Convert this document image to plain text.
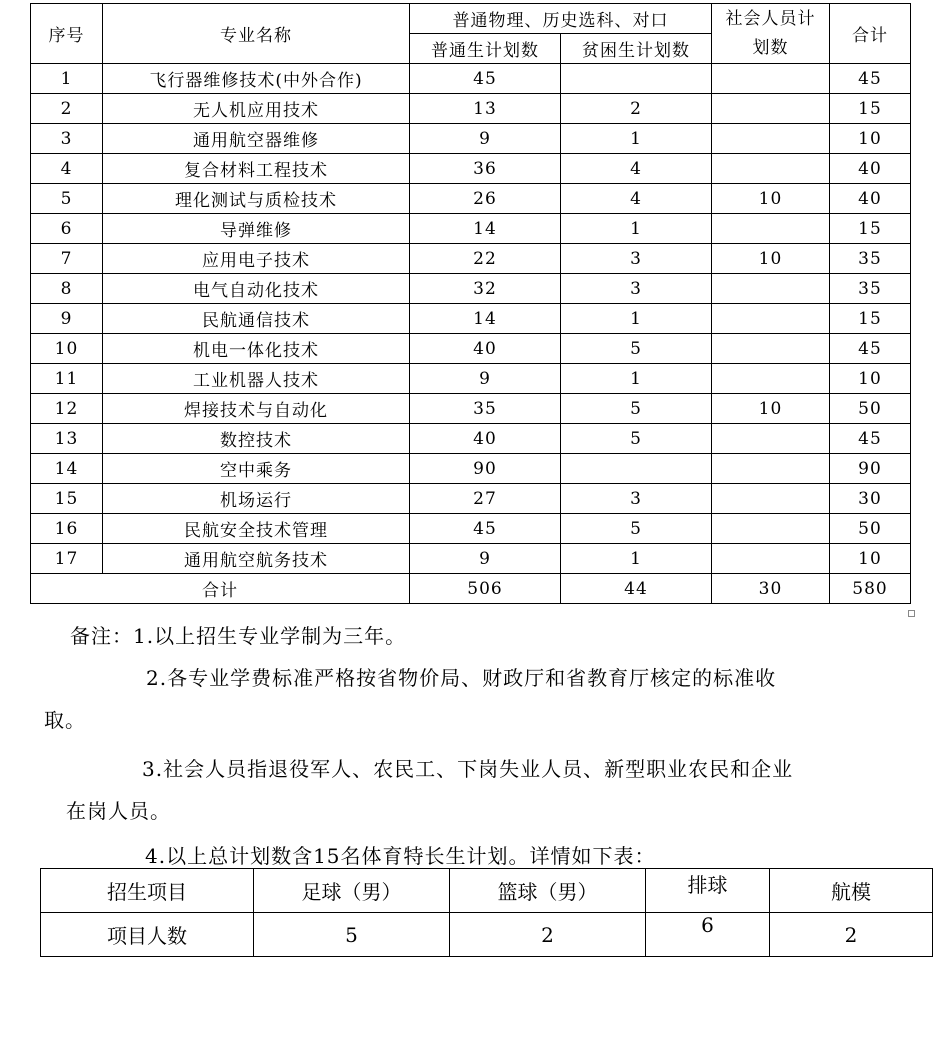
序号	专业名称	普通物理、历史选科、对口		社会人员计划数	合计
		普通生计划数	贫困生计划数		
1	飞行器维修技术(中外合作)	45			45
2	无人机应用技术	13	2		15
3	通用航空器维修	9	1		10
4	复合材料工程技术	36	4		40
5	理化测试与质检技术	26	4	10	40
6	导弹维修	14	1		15
7	应用电子技术	22	3	10	35
8	电气自动化技术	32	3		35
9	民航通信技术	14	1		15
10	机电一体化技术	40	5		45
11	工业机器人技术	9	1		10
12	焊接技术与自动化	35	5	10	50
13	数控技术	40	5		45
14	空中乘务	90			90
15	机场运行	27	3		30
16	民航安全技术管理	45	5		50
17	通用航空航务技术	9	1		10
合计		506	44	30	580
备注：1.以上招生专业学制为三年。
2.各专业学费标准严格按省物价局、财政厅和省教育厅核定的标准收
取。
3.社会人员指退役军人、农民工、下岗失业人员、新型职业农民和企业
在岗人员。
4.以上总计划数含15名体育特长生计划。详情如下表：
招生项目	足球（男）	篮球（男）	排球	航模
项目人数	5	2	6	2
